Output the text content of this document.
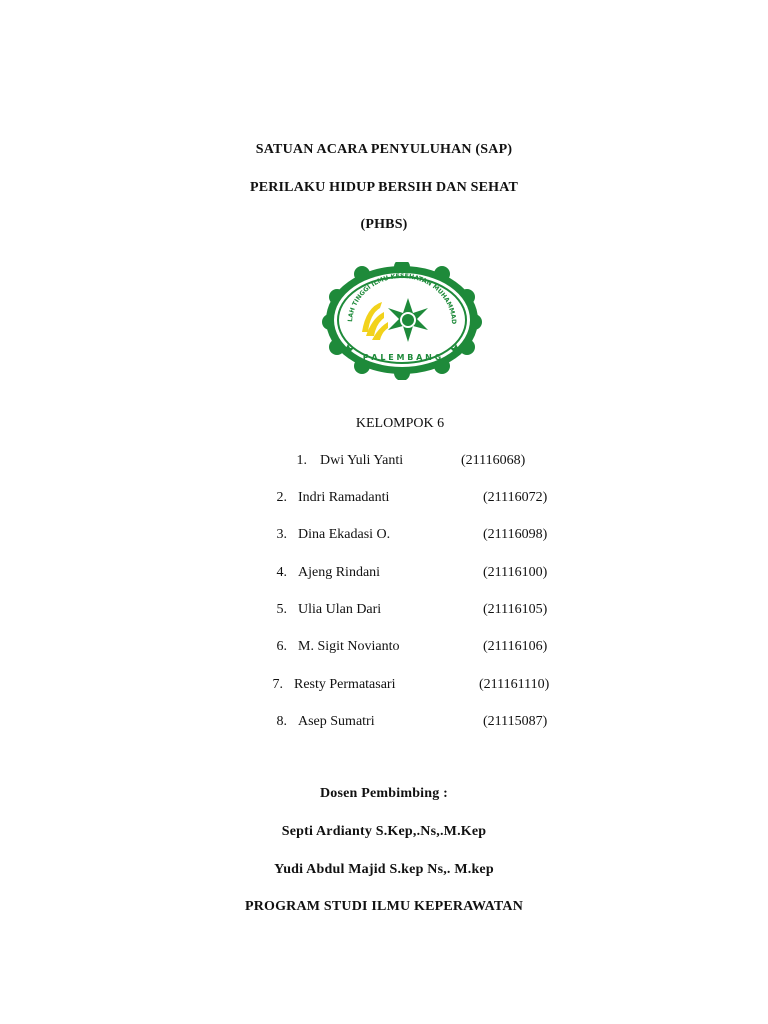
SATUAN ACARA PENYULUHAN (SAP)
PERILAKU HIDUP BERSIH DAN SEHAT
(PHBS)
LAH TINGGI ILMU KESEHATAN MUHAMMAD
P A L E M B A N G
KELOMPOK 6
1. Dwi Yuli Yanti	(21116068)
2. Indri Ramadanti	(21116072)
3. Dina Ekadasi O.	(21116098)
4. Ajeng Rindani	(21116100)
5. Ulia Ulan Dari	(21116105)
6. M. Sigit Novianto	(21116106)
7. Resty Permatasari	(211161110)
8. Asep Sumatri	(21115087)
Dosen Pembimbing :
Septi Ardianty S.Kep,.Ns,.M.Kep
Yudi Abdul Majid S.kep Ns,. M.kep
PROGRAM STUDI ILMU KEPERAWATAN
